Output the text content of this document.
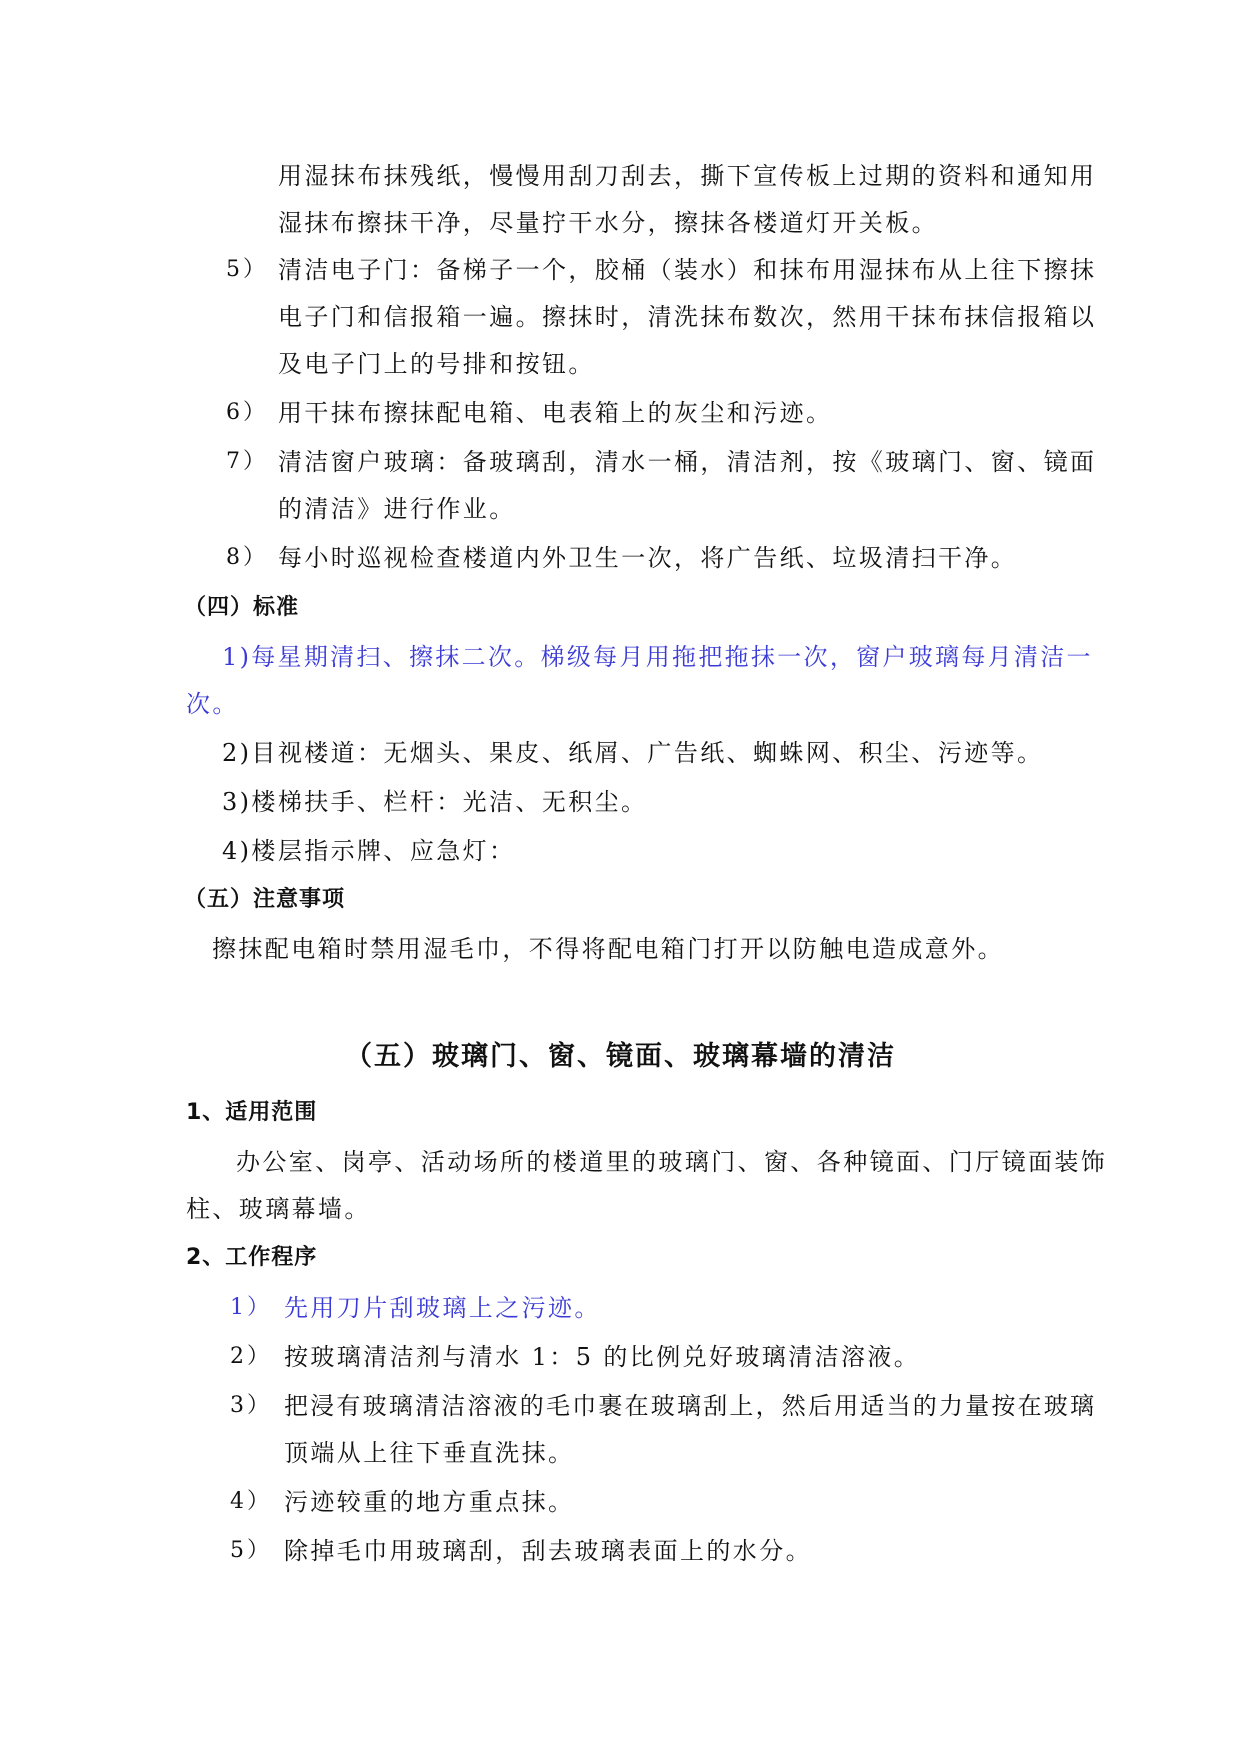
用湿抹布抹残纸，慢慢用刮刀刮去，撕下宣传板上过期的资料和通知用
湿抹布擦抹干净，尽量拧干水分，擦抹各楼道灯开关板。
5） 清洁电子门：备梯子一个，胶桶（装水）和抹布用湿抹布从上往下擦抹
电子门和信报箱一遍。擦抹时，清洗抹布数次，然用干抹布抹信报箱以
及电子门上的号排和按钮。
6） 用干抹布擦抹配电箱、电表箱上的灰尘和污迹。
7） 清洁窗户玻璃：备玻璃刮，清水一桶，清洁剂，按《玻璃门、窗、镜面
的清洁》进行作业。
8） 每小时巡视检查楼道内外卫生一次，将广告纸、垃圾清扫干净。
（四）标准
1)每星期清扫、擦抹二次。梯级每月用拖把拖抹一次，窗户玻璃每月清洁一
次。
2)目视楼道：无烟头、果皮、纸屑、广告纸、蜘蛛网、积尘、污迹等。
3)楼梯扶手、栏杆：光洁、无积尘。
4)楼层指示牌、应急灯：
（五）注意事项
擦抹配电箱时禁用湿毛巾，不得将配电箱门打开以防触电造成意外。
（五）玻璃门、窗、镜面、玻璃幕墙的清洁
1、适用范围
办公室、岗亭、活动场所的楼道里的玻璃门、窗、各种镜面、门厅镜面装饰
柱、玻璃幕墙。
2、工作程序
1） 先用刀片刮玻璃上之污迹。
2） 按玻璃清洁剂与清水 1：5 的比例兑好玻璃清洁溶液。
3） 把浸有玻璃清洁溶液的毛巾裹在玻璃刮上，然后用适当的力量按在玻璃
顶端从上往下垂直洗抹。
4） 污迹较重的地方重点抹。
5） 除掉毛巾用玻璃刮，刮去玻璃表面上的水分。
